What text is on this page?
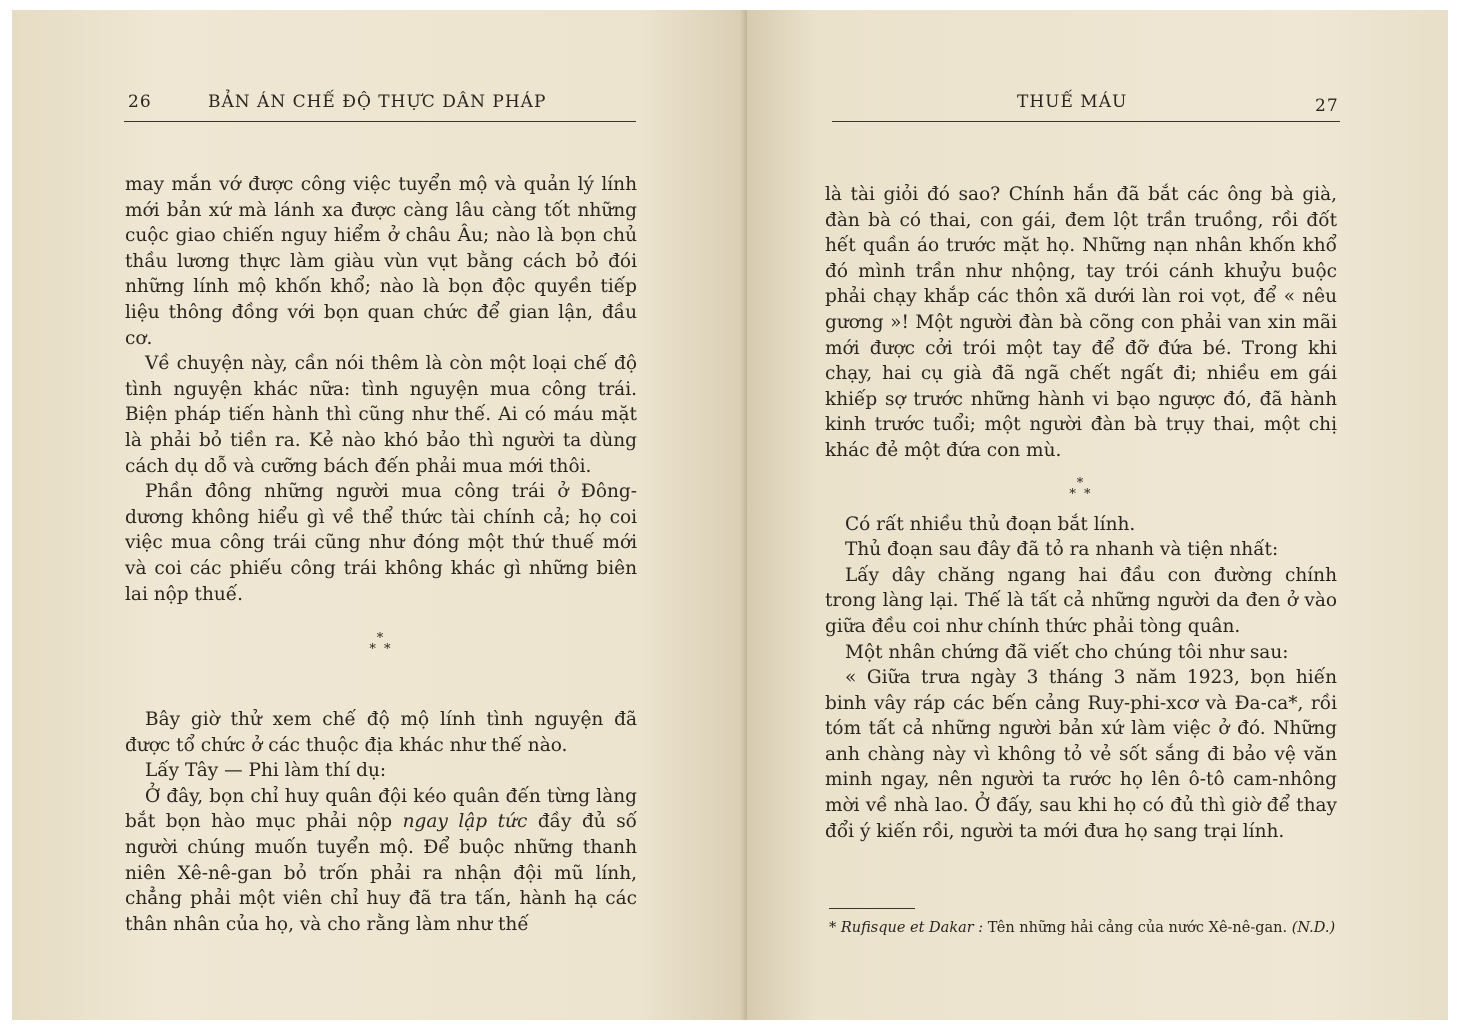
26	BẢN ÁN CHẾ ĐỘ THỰC DÂN PHÁP

may mắn vớ được công việc tuyển mộ và quản lý lính mới bản xứ mà lánh xa được càng lâu càng tốt những cuộc giao chiến nguy hiểm ở châu Âu; nào là bọn chủ thầu lương thực làm giàu vùn vụt bằng cách bỏ đói những lính mộ khốn khổ; nào là bọn độc quyền tiếp liệu thông đồng với bọn quan chức để gian lận, đầu cơ.

Về chuyện này, cần nói thêm là còn một loại chế độ tình nguyện khác nữa: tình nguyện mua công trái. Biện pháp tiến hành thì cũng như thế. Ai có máu mặt là phải bỏ tiền ra. Kẻ nào khó bảo thì người ta dùng cách dụ dỗ và cưỡng bách đến phải mua mới thôi.

Phần đông những người mua công trái ở Đông-dương không hiểu gì về thể thức tài chính cả; họ coi việc mua công trái cũng như đóng một thứ thuế mới và coi các phiếu công trái không khác gì những biên lai nộp thuế.

*
* *

Bây giờ thử xem chế độ mộ lính tình nguyện đã được tổ chức ở các thuộc địa khác như thế nào.

Lấy Tây — Phi làm thí dụ:

Ở đây, bọn chỉ huy quân đội kéo quân đến từng làng bắt bọn hào mục phải nộp ngay lập tức đầy đủ số người chúng muốn tuyển mộ. Để buộc những thanh niên Xê-nê-gan bỏ trốn phải ra nhận đội mũ lính, chẳng phải một viên chỉ huy đã tra tấn, hành hạ các thân nhân của họ, và cho rằng làm như thế

THUẾ MÁU	27

là tài giỏi đó sao? Chính hắn đã bắt các ông bà già, đàn bà có thai, con gái, đem lột trần truồng, rồi đốt hết quần áo trước mặt họ. Những nạn nhân khốn khổ đó mình trần như nhộng, tay trói cánh khuỷu buộc phải chạy khắp các thôn xã dưới làn roi vọt, để « nêu gương »! Một người đàn bà cõng con phải van xin mãi mới được cởi trói một tay để đỡ đứa bé. Trong khi chạy, hai cụ già đã ngã chết ngất đi; nhiều em gái khiếp sợ trước những hành vi bạo ngược đó, đã hành kinh trước tuổi; một người đàn bà trụy thai, một chị khác đẻ một đứa con mù.

*
* *

Có rất nhiều thủ đoạn bắt lính.

Thủ đoạn sau đây đã tỏ ra nhanh và tiện nhất:

Lấy dây chăng ngang hai đầu con đường chính trong làng lại. Thế là tất cả những người da đen ở vào giữa đều coi như chính thức phải tòng quân.

Một nhân chứng đã viết cho chúng tôi như sau:

« Giữa trưa ngày 3 tháng 3 năm 1923, bọn hiến binh vây ráp các bến cảng Ruy-phi-xcơ và Đa-ca*, rồi tóm tất cả những người bản xứ làm việc ở đó. Những anh chàng này vì không tỏ vẻ sốt sắng đi bảo vệ văn minh ngay, nên người ta rước họ lên ô-tô cam-nhông mời về nhà lao. Ở đấy, sau khi họ có đủ thì giờ để thay đổi ý kiến rồi, người ta mới đưa họ sang trại lính.

* Rufisque et Dakar : Tên những hải cảng của nước Xê-nê-gan. (N.D.)
